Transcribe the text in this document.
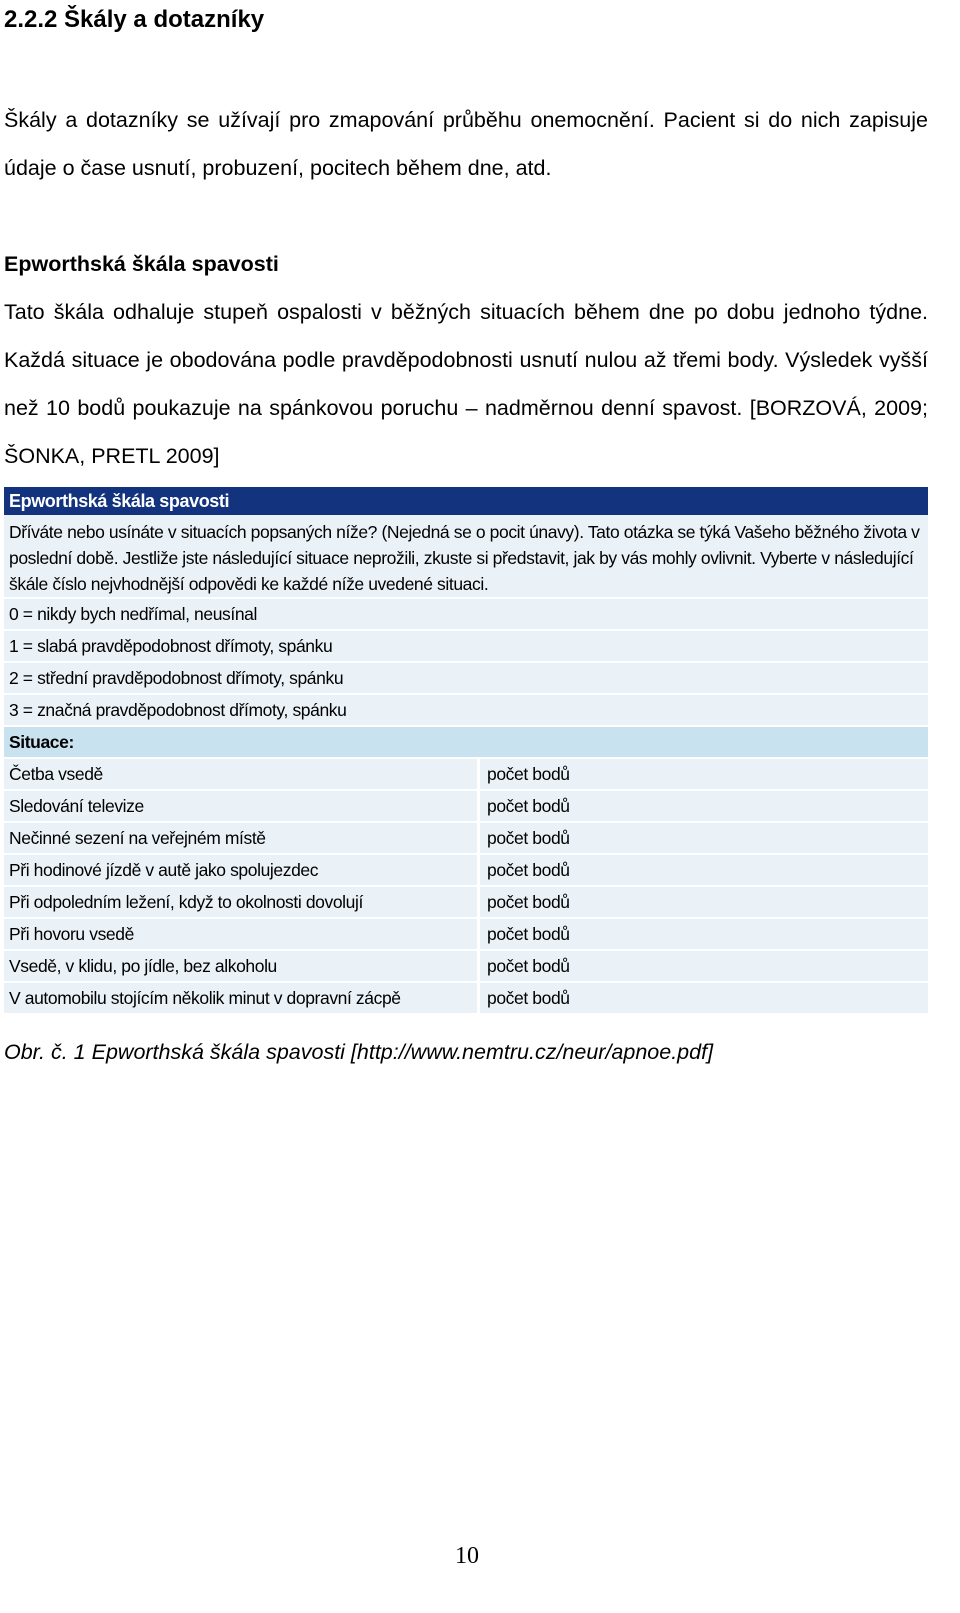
2.2.2 Škály a dotazníky

Škály a dotazníky se užívají pro zmapování průběhu onemocnění. Pacient si do nich zapisuje údaje o čase usnutí, probuzení, pocitech během dne, atd.

Epworthská škála spavosti

Tato škála odhaluje stupeň ospalosti v běžných situacích během dne po dobu jednoho týdne. Každá situace je obodována podle pravděpodobnosti usnutí nulou až třemi body. Výsledek vyšší než 10 bodů poukazuje na spánkovou poruchu – nadměrnou denní spavost. [BORZOVÁ, 2009; ŠONKA, PRETL 2009]

Epworthská škála spavosti
Dříváte nebo usínáte v situacích popsaných níže? (Nejedná se o pocit únavy). Tato otázka se týká Vašeho běžného života v poslední době. Jestliže jste následující situace neprožili, zkuste si představit, jak by vás mohly ovlivnit. Vyberte v následující škále číslo nejvhodnější odpovědi ke každé níže uvedené situaci.
0 = nikdy bych nedřímal, neusínal
1 = slabá pravděpodobnost dřímoty, spánku
2 = střední pravděpodobnost dřímoty, spánku
3 = značná pravděpodobnost dřímoty, spánku
Situace:
Četba vsedě	počet bodů
Sledování televize	počet bodů
Nečinné sezení na veřejném místě	počet bodů
Při hodinové jízdě v autě jako spolujezdec	počet bodů
Při odpoledním ležení, když to okolnosti dovolují	počet bodů
Při hovoru vsedě	počet bodů
Vsedě, v klidu, po jídle, bez alkoholu	počet bodů
V automobilu stojícím několik minut v dopravní zácpě	počet bodů

Obr. č. 1 Epworthská škála spavosti [http://www.nemtru.cz/neur/apnoe.pdf]

10
